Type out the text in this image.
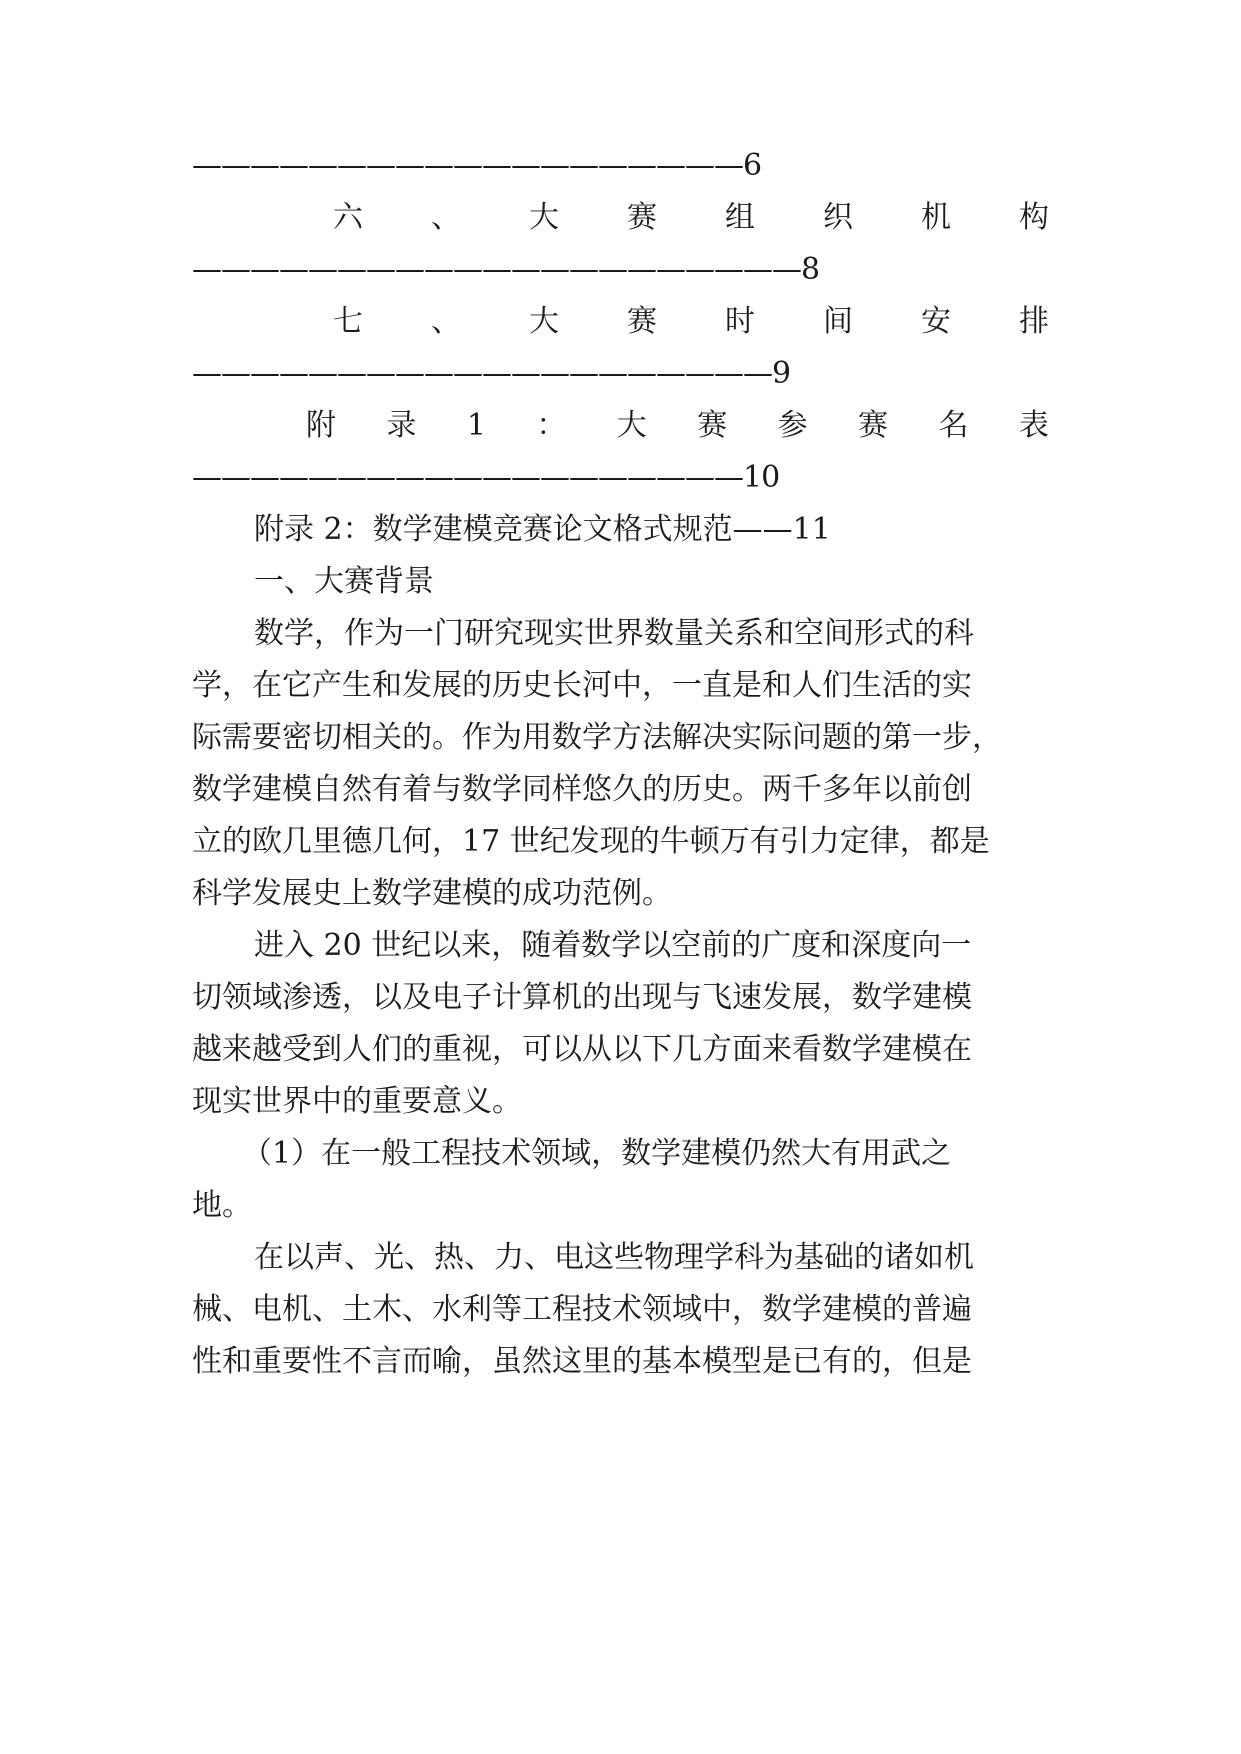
———————————————————6
六 、 大 赛 组 织 机 构
—————————————————————8
七 、 大 赛 时 间 安 排
————————————————————9
附 录 1 ： 大 赛 参 赛 名 表
———————————————————10
附录 2：数学建模竞赛论文格式规范——11
一、大赛背景
数学，作为一门研究现实世界数量关系和空间形式的科
学，在它产生和发展的历史长河中，一直是和人们生活的实
际需要密切相关的。作为用数学方法解决实际问题的第一步，
数学建模自然有着与数学同样悠久的历史。两千多年以前创
立的欧几里德几何，17 世纪发现的牛顿万有引力定律，都是
科学发展史上数学建模的成功范例。
进入 20 世纪以来，随着数学以空前的广度和深度向一
切领域渗透，以及电子计算机的出现与飞速发展，数学建模
越来越受到人们的重视，可以从以下几方面来看数学建模在
现实世界中的重要意义。
（1）在一般工程技术领域，数学建模仍然大有用武之
地。
在以声、光、热、力、电这些物理学科为基础的诸如机
械、电机、土木、水利等工程技术领域中，数学建模的普遍
性和重要性不言而喻，虽然这里的基本模型是已有的，但是
